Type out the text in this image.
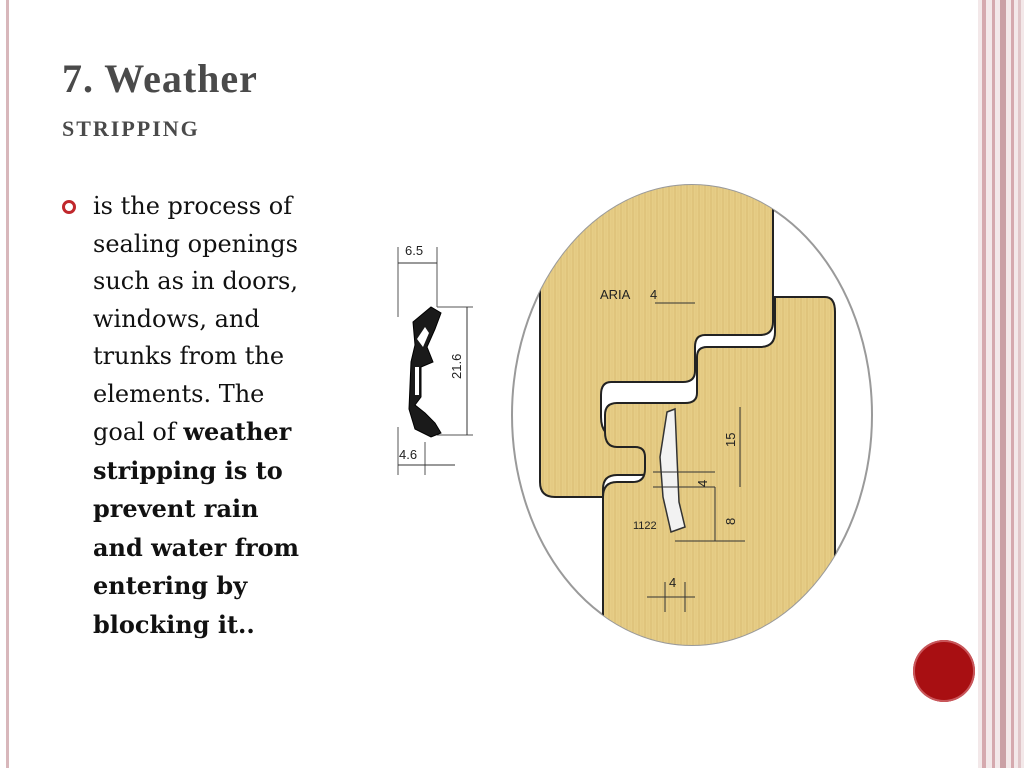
7. Weather
stripping

is the process of
sealing openings
such as in doors,
windows, and
trunks from the
elements. The
goal of weather
stripping is to
prevent rain
and water from
entering by
blocking it..

ARIA 4
15
4
8
1122
4
6.5
21.6
4.6
